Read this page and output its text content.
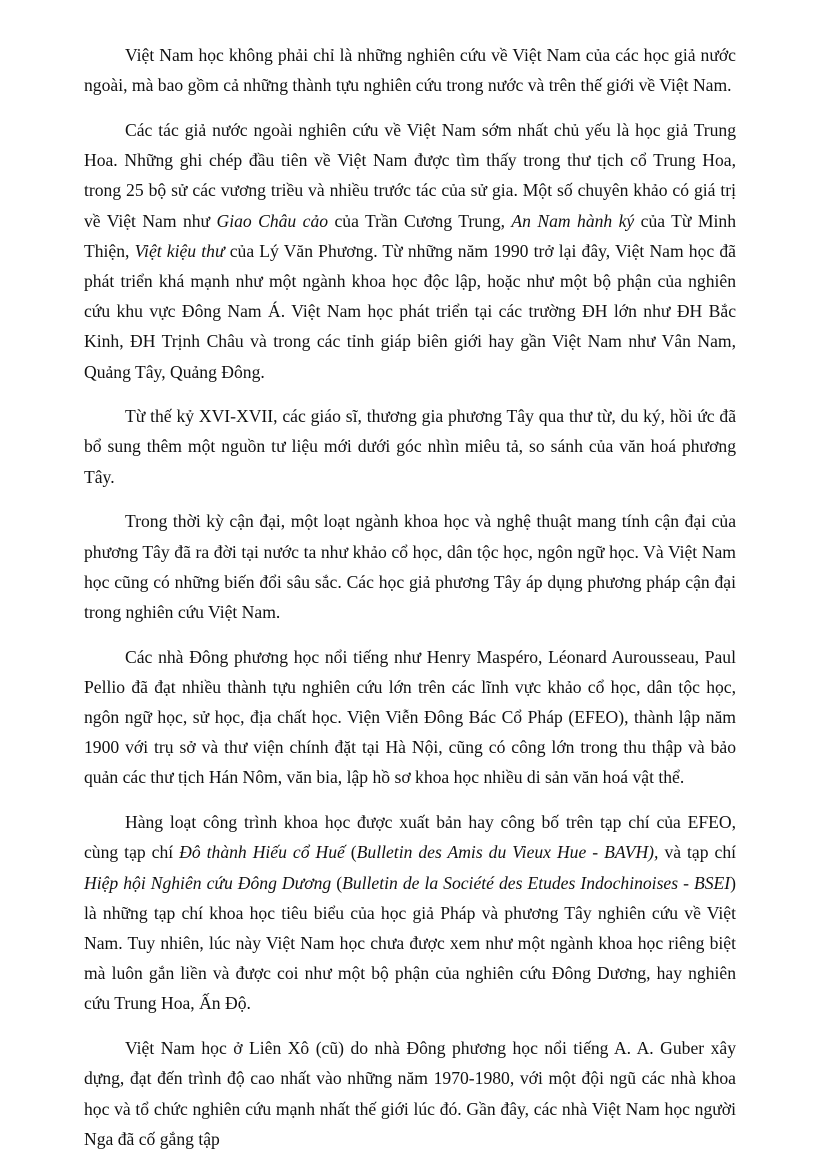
Việt Nam học không phải chỉ là những nghiên cứu về Việt Nam của các học giả nước ngoài, mà bao gồm cả những thành tựu nghiên cứu trong nước và trên thế giới về Việt Nam.

Các tác giả nước ngoài nghiên cứu về Việt Nam sớm nhất chủ yếu là học giả Trung Hoa. Những ghi chép đầu tiên về Việt Nam được tìm thấy trong thư tịch cổ Trung Hoa, trong 25 bộ sử các vương triều và nhiều trước tác của sử gia. Một số chuyên khảo có giá trị về Việt Nam như Giao Châu cảo của Trần Cương Trung, An Nam hành ký của Từ Minh Thiện, Việt kiệu thư của Lý Văn Phương. Từ những năm 1990 trở lại đây, Việt Nam học đã phát triển khá mạnh như một ngành khoa học độc lập, hoặc như một bộ phận của nghiên cứu khu vực Đông Nam Á. Việt Nam học phát triển tại các trường ĐH lớn như ĐH Bắc Kinh, ĐH Trịnh Châu và trong các tỉnh giáp biên giới hay gần Việt Nam như Vân Nam, Quảng Tây, Quảng Đông.

Từ thế kỷ XVI-XVII, các giáo sĩ, thương gia phương Tây qua thư từ, du ký, hồi ức đã bổ sung thêm một nguồn tư liệu mới dưới góc nhìn miêu tả, so sánh của văn hoá phương Tây.

Trong thời kỳ cận đại, một loạt ngành khoa học và nghệ thuật mang tính cận đại của phương Tây đã ra đời tại nước ta như khảo cổ học, dân tộc học, ngôn ngữ học. Và Việt Nam học cũng có những biến đổi sâu sắc. Các học giả phương Tây áp dụng phương pháp cận đại trong nghiên cứu Việt Nam.

Các nhà Đông phương học nổi tiếng như Henry Maspéro, Léonard Aurousseau, Paul Pellio đã đạt nhiều thành tựu nghiên cứu lớn trên các lĩnh vực khảo cổ học, dân tộc học, ngôn ngữ học, sử học, địa chất học. Viện Viễn Đông Bác Cổ Pháp (EFEO), thành lập năm 1900 với trụ sở và thư viện chính đặt tại Hà Nội, cũng có công lớn trong thu thập và bảo quản các thư tịch Hán Nôm, văn bia, lập hồ sơ khoa học nhiều di sản văn hoá vật thể.

Hàng loạt công trình khoa học được xuất bản hay công bố trên tạp chí của EFEO, cùng tạp chí Đô thành Hiếu cổ Huế (Bulletin des Amis du Vieux Hue - BAVH), và tạp chí Hiệp hội Nghiên cứu Đông Dương (Bulletin de la Société des Etudes Indochinoises - BSEI) là những tạp chí khoa học tiêu biểu của học giả Pháp và phương Tây nghiên cứu về Việt Nam. Tuy nhiên, lúc này Việt Nam học chưa được xem như một ngành khoa học riêng biệt mà luôn gắn liền và được coi như một bộ phận của nghiên cứu Đông Dương, hay nghiên cứu Trung Hoa, Ấn Độ.

Việt Nam học ở Liên Xô (cũ) do nhà Đông phương học nổi tiếng A. A. Guber xây dựng, đạt đến trình độ cao nhất vào những năm 1970-1980, với một đội ngũ các nhà khoa học và tổ chức nghiên cứu mạnh nhất thế giới lúc đó. Gần đây, các nhà Việt Nam học người Nga đã cố gắng tập
